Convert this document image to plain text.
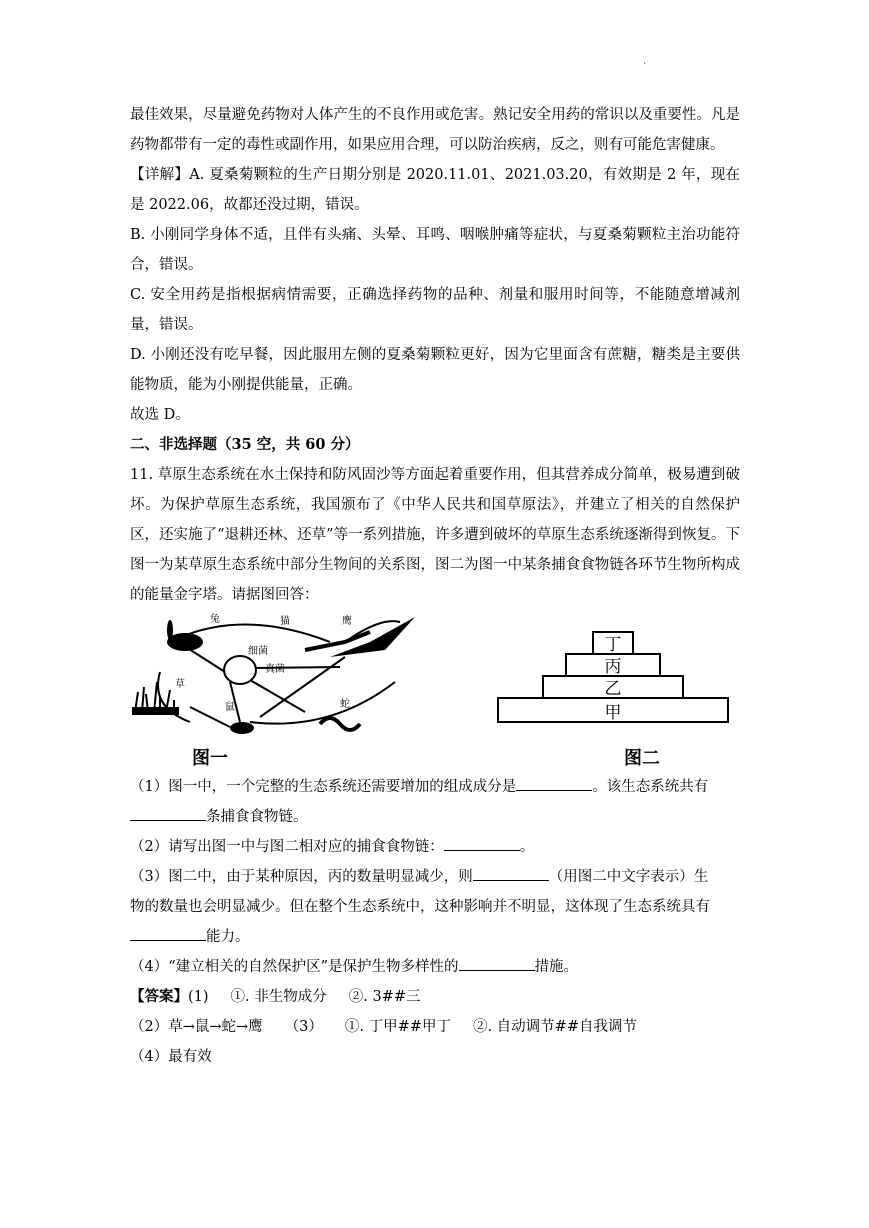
.

最佳效果，尽量避免药物对人体产生的不良作用或危害。熟记安全用药的常识以及重要性。凡是药物都带有一定的毒性或副作用，如果应用合理，可以防治疾病，反之，则有可能危害健康。

【详解】A. 夏桑菊颗粒的生产日期分别是 2020.11.01、2021.03.20，有效期是 2 年，现在是 2022.06，故都还没过期，错误。

B. 小刚同学身体不适，且伴有头痛、头晕、耳鸣、咽喉肿痛等症状，与夏桑菊颗粒主治功能符合，错误。

C. 安全用药是指根据病情需要，正确选择药物的品种、剂量和服用时间等，不能随意增减剂量，错误。

D. 小刚还没有吃早餐，因此服用左侧的夏桑菊颗粒更好，因为它里面含有蔗糖，糖类是主要供能物质，能为小刚提供能量，正确。

故选 D。

二、非选择题（35 空，共 60 分）

11. 草原生态系统在水土保持和防风固沙等方面起着重要作用，但其营养成分简单，极易遭到破坏。为保护草原生态系统，我国颁布了《中华人民共和国草原法》，并建立了相关的自然保护区，还实施了“退耕还林、还草”等一系列措施，许多遭到破坏的草原生态系统逐渐得到恢复。下图一为某草原生态系统中部分生物间的关系图，图二为图一中某条捕食食物链各环节生物所构成的能量金字塔。请据图回答：

兔	猫	鹰
细菌
真菌
草
鼠	蛇
丁
丙
乙
甲
图一	图二

（1）图一中，一个完整的生态系统还需要增加的组成成分是	。该生态系统共有

条捕食食物链。

（2）请写出图一中与图二相对应的捕食食物链：	。

（3）图二中，由于某种原因，丙的数量明显减少，则	（用图二中文字表示）生

物的数量也会明显减少。但在整个生态系统中，这种影响并不明显，这体现了生态系统具有

能力。

（4）“建立相关的自然保护区”是保护生物多样性的	措施。

【答案】(1) ①. 非生物成分 ②. 3##三

（2）草→鼠→蛇→鹰 （3） ①. 丁甲##甲丁 ②. 自动调节##自我调节

（4）最有效
